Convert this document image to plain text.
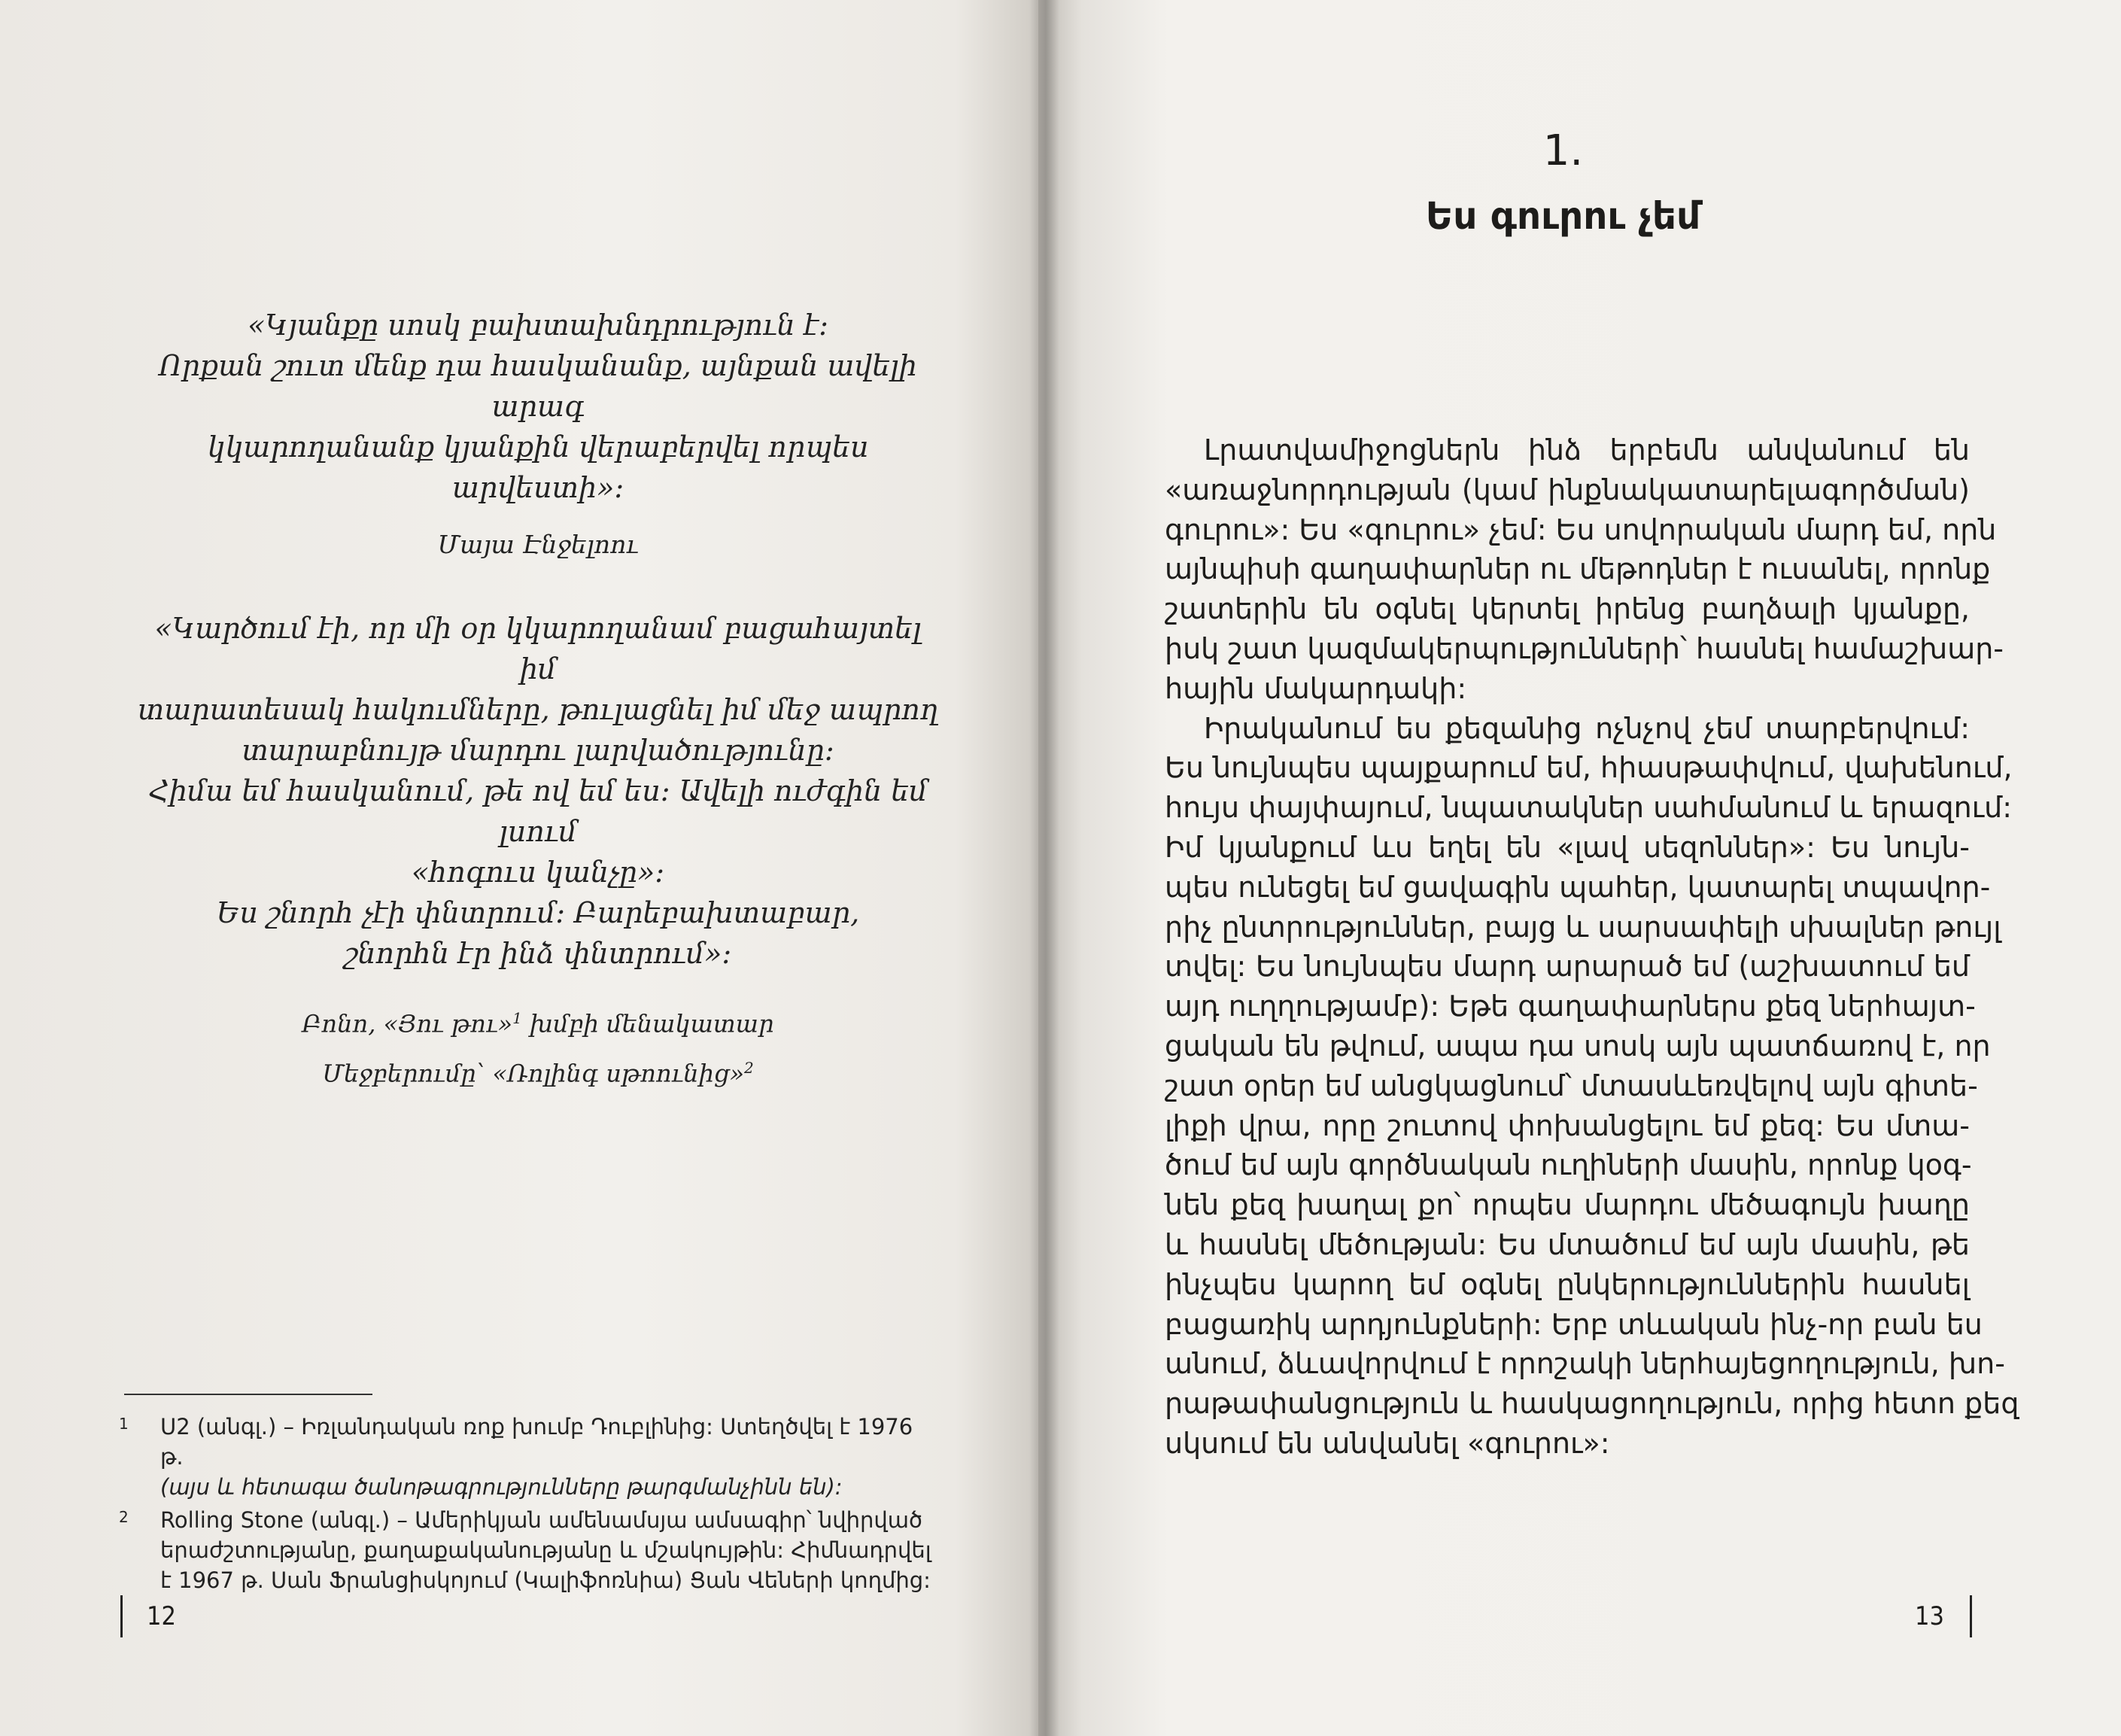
«Կյանքը սոսկ բախտախնդրություն է:

Որքան շուտ մենք դա հասկանանք, այնքան ավելի արագ

կկարողանանք կյանքին վերաբերվել որպես արվեստի»:

Մայա Էնջելոու

«Կարծում էի, որ մի օր կկարողանամ բացահայտել իմ

տարատեսակ հակումները, թուլացնել իմ մեջ ապրող

տարաբնույթ մարդու լարվածությունը:

Հիմա եմ հասկանում, թե ով եմ ես: Ավելի ուժգին եմ լսում

«հոգուս կանչը»:

Ես շնորհ չէի փնտրում: Բարեբախտաբար,

շնորհն էր ինձ փնտրում»:

Բոնո, «Յու թու»$^1$ խմբի մենակատար
Մեջբերումը՝ «Ռոլինգ սթոունից»$^2$

1 U2 (անգլ.) – Իռլանդական ռոք խումբ Դուբլինից: Ստեղծվել է 1976 թ.
(այս և հետագա ծանոթագրությունները թարգմանչինն են):
2 Rolling Stone (անգլ.) – Ամերիկյան ամենամսյա ամսագիր՝ նվիրված
երաժշտությանը, քաղաքականությանը և մշակույթին: Հիմնադրվել
է 1967 թ. Սան Ֆրանցիսկոյում (Կալիֆոռնիա) Ցան Վեների կողմից:
12
1.
Ես գուրու չեմ
Լրատվամիջոցներն ինձ երբեմն անվանում են
«առաջնորդության (կամ ինքնակատարելագործման)
գուրու»: Ես «գուրու» չեմ: Ես սովորական մարդ եմ, որն
այնպիսի գաղափարներ ու մեթոդներ է ուսանել, որոնք
շատերին են օգնել կերտել իրենց բաղձալի կյանքը,
իսկ շատ կազմակերպությունների՝ հասնել համաշխար-
հային մակարդակի:
Իրականում ես քեզանից ոչնչով չեմ տարբերվում:
Ես նույնպես պայքարում եմ, հիասթափվում, վախենում,
հույս փայփայում, նպատակներ սահմանում և երազում:
Իմ կյանքում ևս եղել են «լավ սեզոններ»: Ես նույն-
պես ունեցել եմ ցավագին պահեր, կատարել տպավոր-
րիչ ընտրություններ, բայց և սարսափելի սխալներ թույլ
տվել: Ես նույնպես մարդ արարած եմ (աշխատում եմ
այդ ուղղությամբ): Եթե գաղափարներս քեզ ներհայտ-
ցական են թվում, ապա դա սոսկ այն պատճառով է, որ
շատ օրեր եմ անցկացնում՝ մտասևեռվելով այն գիտե-
լիքի վրա, որը շուտով փոխանցելու եմ քեզ: Ես մտա-
ծում եմ այն գործնական ուղիների մասին, որոնք կօգ-
նեն քեզ խաղալ քո՝ որպես մարդու մեծագույն խաղը
և հասնել մեծության: Ես մտածում եմ այն մասին, թե
ինչպես կարող եմ օգնել ընկերություններին հասնել
բացառիկ արդյունքների: Երբ տևական ինչ-որ բան ես
անում, ձևավորվում է որոշակի ներհայեցողություն, խո-
րաթափանցություն և հասկացողություն, որից հետո քեզ
սկսում են անվանել «գուրու»:
13
